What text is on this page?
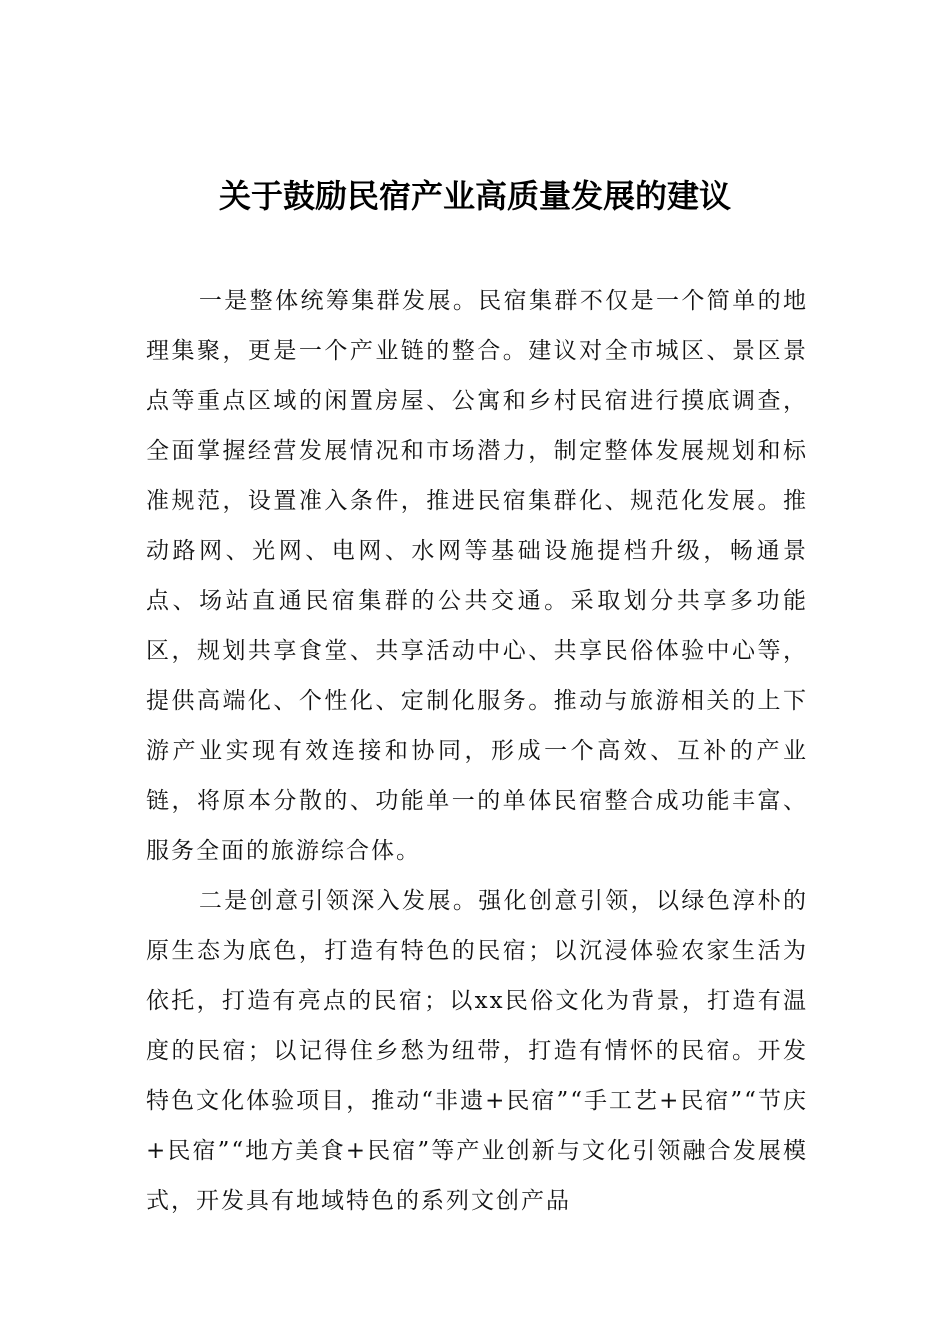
关于鼓励民宿产业高质量发展的建议

一是整体统筹集群发展。民宿集群不仅是一个简单的地理集聚，更是一个产业链的整合。建议对全市城区、景区景点等重点区域的闲置房屋、公寓和乡村民宿进行摸底调查，全面掌握经营发展情况和市场潜力，制定整体发展规划和标准规范，设置准入条件，推进民宿集群化、规范化发展。推动路网、光网、电网、水网等基础设施提档升级，畅通景点、场站直通民宿集群的公共交通。采取划分共享多功能区，规划共享食堂、共享活动中心、共享民俗体验中心等，提供高端化、个性化、定制化服务。推动与旅游相关的上下游产业实现有效连接和协同，形成一个高效、互补的产业链，将原本分散的、功能单一的单体民宿整合成功能丰富、服务全面的旅游综合体。

二是创意引领深入发展。强化创意引领，以绿色淳朴的原生态为底色，打造有特色的民宿；以沉浸体验农家生活为依托，打造有亮点的民宿；以xx民俗文化为背景，打造有温度的民宿；以记得住乡愁为纽带，打造有情怀的民宿。开发特色文化体验项目，推动“非遗+民宿”“手工艺+民宿”“节庆+民宿”“地方美食+民宿”等产业创新与文化引领融合发展模式，开发具有地域特色的系列文创产品
